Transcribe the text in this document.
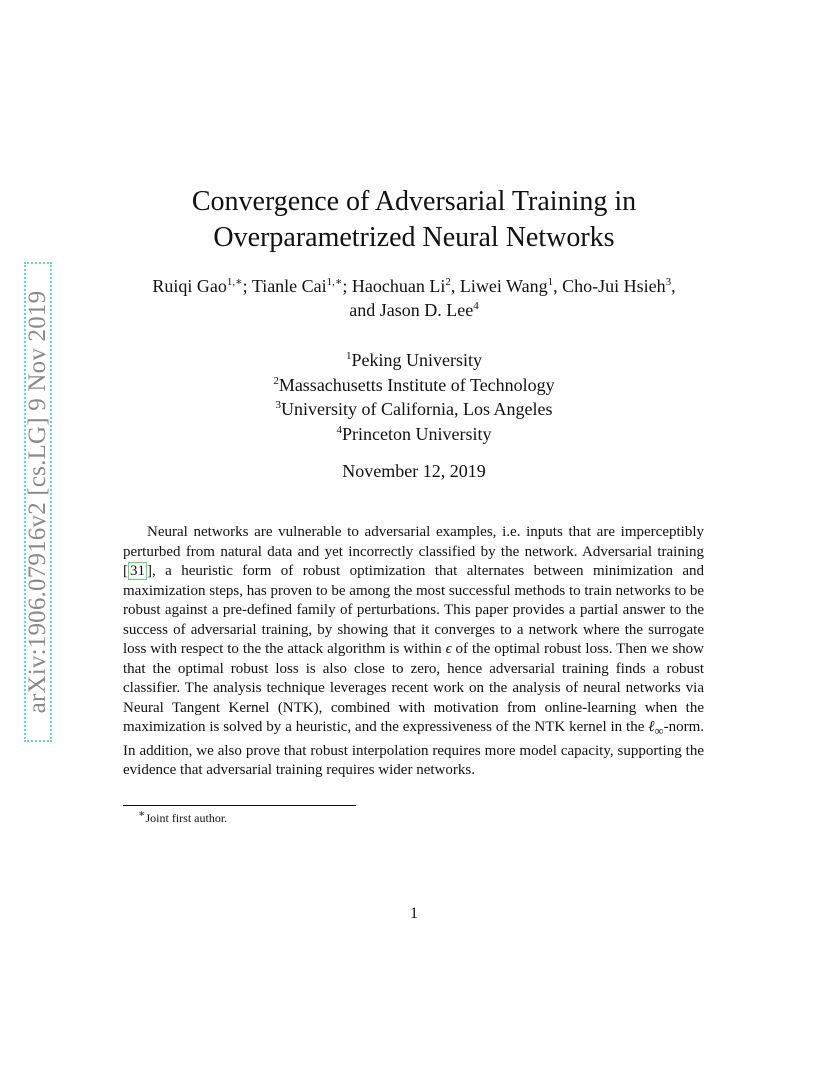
arXiv:1906.07916v2 [cs.LG] 9 Nov 2019
Convergence of Adversarial Training in
Overparametrized Neural Networks
Ruiqi Gao$^{1,∗}$; Tianle Cai$^{1,∗}$; Haochuan Li$^2$, Liwei Wang$^1$, Cho-Jui Hsieh$^3$,
and Jason D. Lee$^4$
$^1$Peking University
$^2$Massachusetts Institute of Technology
$^3$University of California, Los Angeles
$^4$Princeton University
November 12, 2019
Neural networks are vulnerable to adversarial examples, i.e. inputs that are imperceptibly perturbed from natural data and yet incorrectly classified by the network. Adversarial training [ 31 ], a heuristic form of robust optimization that alternates between minimization and maximization steps, has proven to be among the most successful methods to train networks to be robust against a pre-defined family of perturbations. This paper provides a partial answer to the success of adversarial training, by showing that it converges to a network where the surrogate loss with respect to the the attack algorithm is within ϵ of the optimal robust loss. Then we show that the optimal robust loss is also close to zero, hence adversarial training finds a robust classifier. The analysis technique leverages recent work on the analysis of neural networks via Neural Tangent Kernel (NTK), combined with motivation from online-learning when the maximization is solved by a heuristic, and the expressiveness of the NTK kernel in the ℓ$_\infty$-norm. In addition, we also prove that robust interpolation requires more model capacity, supporting the evidence that adversarial training requires wider networks.
∗Joint first author.
1
